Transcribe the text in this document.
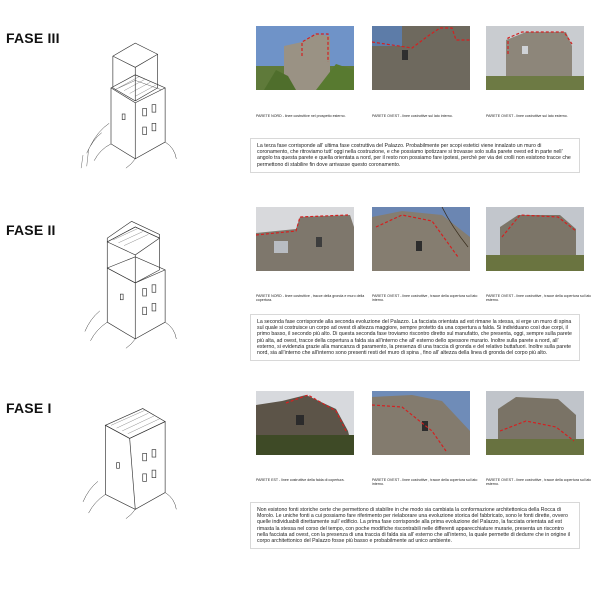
FASE III
PARETE NORD - linee costruttive nel prospetto esterno.	PARETE OVEST - linee costruttive sul lato interno.	PARETE OVEST - linee costruttive sul lato esterno.
La terza fase corrisponde all’ ultima fase costruttiva del Palazzo. Probabilmente per scopi estetici viene innalzato un muro di coronamento, che ritroviamo tutt’ oggi nella costruzione, e che possiamo ipotizzare si trovasse solo sulla parete ovest ed in parte nell’ angolo tra questa parete e quella orientata a nord, per il resto non possiamo fare ipotesi, perchè per via dei crolli non esistono tracce che permettono di stabilire fin dove arrivasse questo coronamento.
FASE II
PARETE NORD - linee costruttive , tracce della gronda e muro della copertura.
PARETE OVEST - linee costruttive , tracce della copertura sul lato interno.
PARETE OVEST - linee costruttive , tracce della copertura sul lato esterno.
La seconda fase corrisponde alla seconda evoluzione del Palazzo. La facciata orientata ad est rimane la stessa, si erge un muro di spina sul quale si costruisce un corpo ad ovest di altezza maggiore, sempre protetto da una copertura a falda. Si individuano così due corpi, il primo basso, il secondo più alto. Di questa seconda fase troviamo riscontro diretto sul manufatto, che presenta, oggi, sempre sulla parete più alta, ad ovest, tracce della copertura a falda sia all’interno che all’ esterno dello spessore murario. Inoltre sulla parete a nord, all’ esterno, si evidenzia grazie alla mancanza di paramento, la presenza di una traccia di gronda e del relativo buttafuori. Inoltre sulla parete nord, sia all’interno che all’interno sono presenti resti del muro di spina , fino all’ altezza della linea di gronda del corpo più alto.
FASE I
PARETE EST - linee costruttive della falda di copertura.	PARETE OVEST - linee costruttive , tracce della copertura sul lato interno.
PARETE OVEST - linee costruttive , tracce della copertura sul lato esterno.
Non esistono fonti storiche certe che permettono di stabilire in che modo sia cambiata la conformazione architettonica della Rocca di Morolo. Le uniche fonti a cui possiamo fare riferimento per rielaborare una evoluzione storica del fabbricato, sono le fonti dirette, ovvero quelle individuabili direttamente sull’ edificio. La prima fase corrisponde alla prima evoluzione del Palazzo, la facciata orientata ad est rimasta la stessa nel corso del tempo, con poche modifiche riscontrabili nelle differenti apparecchiature murarie, presenta un riscontro nella facciata ad ovest, con la presenza di una traccia di falda sia all’ esterno che all’interno, la quale permette di dedurre che in origine il corpo architettonico del Palazzo fosse più basso e probabilmente ad unico ambiente.
